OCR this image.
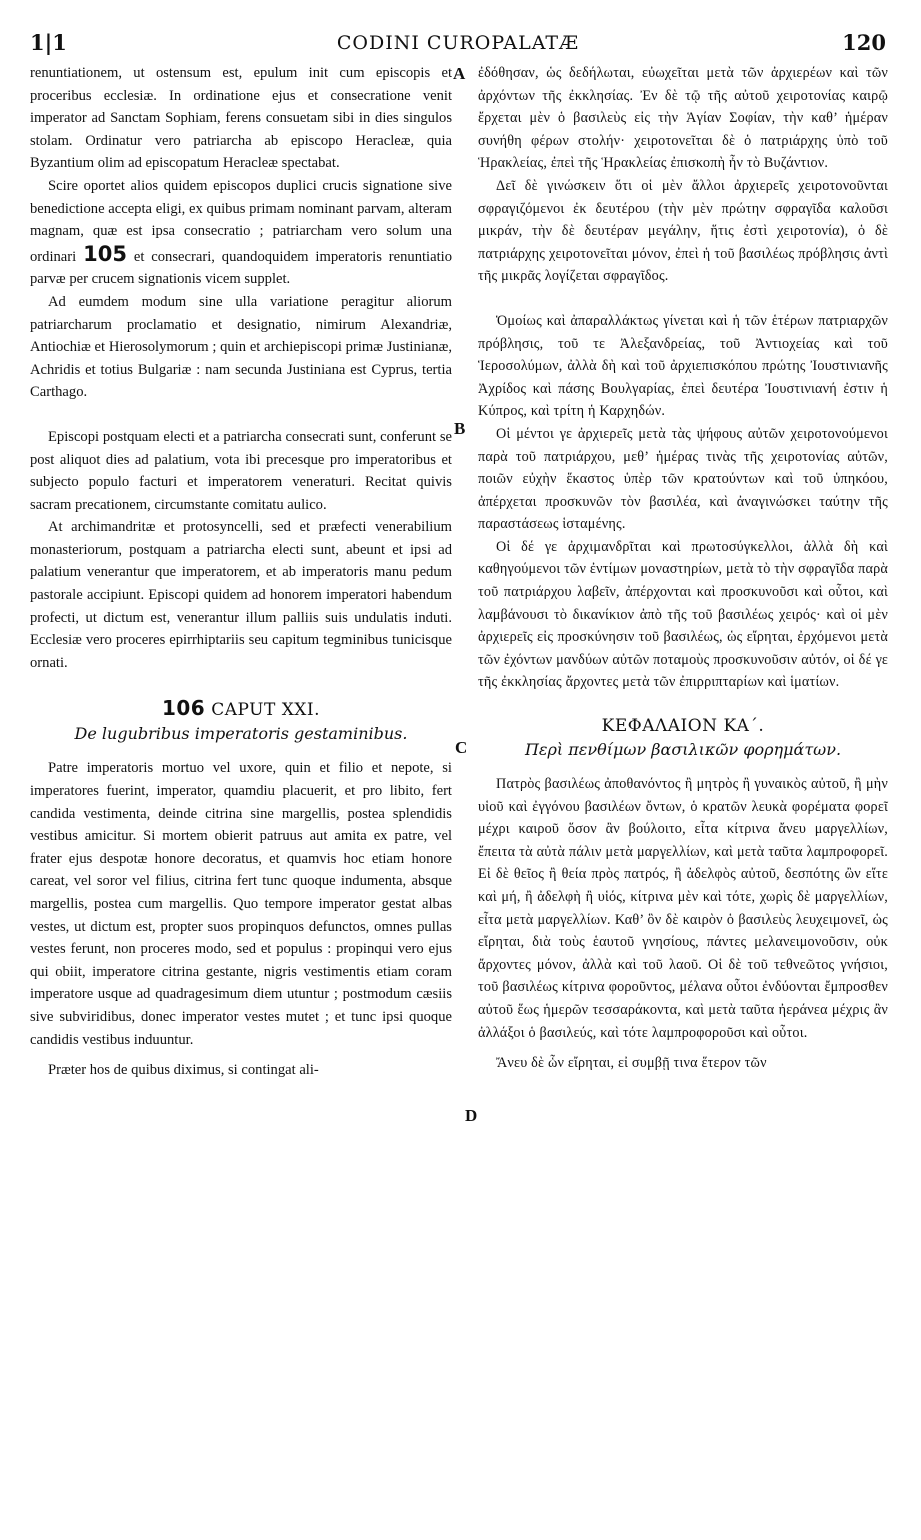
1|1	CODINI CUROPALATÆ	120
A
B
C
D

renuntiationem, ut ostensum est, epulum init cum episcopis et proceribus ecclesiæ. In ordinatione ejus et consecratione venit imperator ad Sanctam Sophiam, ferens consuetam sibi in dies singulos stolam. Ordinatur vero patriarcha ab episcopo Heracleæ, quia Byzantium olim ad episcopatum Heracleæ spectabat.

Scire oportet alios quidem episcopos duplici crucis signatione sive benedictione accepta eligi, ex quibus primam nominant parvam, alteram magnam, quæ est ipsa consecratio ; patriarcham vero solum una ordinari 105 et consecrari, quandoquidem imperatoris renuntiatio parvæ per crucem signationis vicem supplet.

Ad eumdem modum sine ulla variatione peragitur aliorum patriarcharum proclamatio et designatio, nimirum Alexandriæ, Antiochiæ et Hierosolymorum ; quin et archiepiscopi primæ Justinianæ, Achridis et totius Bulgariæ : nam secunda Justiniana est Cyprus, tertia Carthago.

Episcopi postquam electi et a patriarcha consecrati sunt, conferunt se post aliquot dies ad palatium, vota ibi precesque pro imperatoribus et subjecto populo facturi et imperatorem veneraturi. Recitat quivis sacram precationem, circumstante comitatu aulico.

At archimandritæ et protosyncelli, sed et præfecti venerabilium monasteriorum, postquam a patriarcha electi sunt, abeunt et ipsi ad palatium venerantur que imperatorem, et ab imperatoris manu pedum pastorale accipiunt. Episcopi quidem ad honorem imperatori habendum profecti, ut dictum est, venerantur illum palliis suis undulatis induti. Ecclesiæ vero proceres epirrhiptariis seu capitum tegminibus tunicisque ornati.

106 CAPUT XXI.
De lugubribus imperatoris gestaminibus.

Patre imperatoris mortuo vel uxore, quin et filio et nepote, si imperatores fuerint, imperator, quamdiu placuerit, et pro libito, fert candida vestimenta, deinde citrina sine margellis, postea splendidis vestibus amicitur. Si mortem obierit patruus aut amita ex patre, vel frater ejus despotæ honore decoratus, et quamvis hoc etiam honore careat, vel soror vel filius, citrina fert tunc quoque indumenta, absque margellis, postea cum margellis. Quo tempore imperator gestat albas vestes, ut dictum est, propter suos propinquos defunctos, omnes pullas vestes ferunt, non proceres modo, sed et populus : propinqui vero ejus qui obiit, imperatore citrina gestante, nigris vestimentis etiam coram imperatore usque ad quadragesimum diem utuntur ; postmodum cæsiis sive subviridibus, donec imperator vestes mutet ; et tunc ipsi quoque candidis vestibus induuntur.

Præter hos de quibus diximus, si contingat ali-

ἐδόθησαν, ὡς δεδήλωται, εὐωχεῖται μετὰ τῶν ἀρχιερέων καὶ τῶν ἀρχόντων τῆς ἐκκλησίας. Ἐν δὲ τῷ τῆς αὐτοῦ χειροτονίας καιρῷ ἔρχεται μὲν ὁ βασιλεὺς εἰς τὴν Ἁγίαν Σοφίαν, τὴν καθ’ ἡμέραν συνήθη φέρων στολήν· χειροτονεῖται δὲ ὁ πατριάρχης ὑπὸ τοῦ Ἡρακλείας, ἐπεὶ τῆς Ἡρακλείας ἐπισκοπὴ ἦν τὸ Βυζάντιον.

Δεῖ δὲ γινώσκειν ὅτι οἱ μὲν ἄλλοι ἀρχιερεῖς χειροτονοῦνται σφραγιζόμενοι ἐκ δευτέρου (τὴν μὲν πρώτην σφραγῖδα καλοῦσι μικράν, τὴν δὲ δευτέραν μεγάλην, ἥτις ἐστὶ χειροτονία), ὁ δὲ πατριάρχης χειροτονεῖται μόνον, ἐπεὶ ἡ τοῦ βασιλέως πρόβλησις ἀντὶ τῆς μικρᾶς λογίζεται σφραγῖδος.

Ὁμοίως καὶ ἀπαραλλάκτως γίνεται καὶ ἡ τῶν ἑτέρων πατριαρχῶν πρόβλησις, τοῦ τε Ἀλεξανδρείας, τοῦ Ἀντιοχείας καὶ τοῦ Ἱεροσολύμων, ἀλλὰ δὴ καὶ τοῦ ἀρχιεπισκόπου πρώτης Ἰουστινιανῆς Ἀχρίδος καὶ πάσης Βουλγαρίας, ἐπεὶ δευτέρα Ἰουστινιανή ἐστιν ἡ Κύπρος, καὶ τρίτη ἡ Καρχηδών.

Οἱ μέντοι γε ἀρχιερεῖς μετὰ τὰς ψήφους αὐτῶν χειροτονούμενοι παρὰ τοῦ πατριάρχου, μεθ’ ἡμέρας τινὰς τῆς χειροτονίας αὐτῶν, ποιῶν εὐχὴν ἕκαστος ὑπὲρ τῶν κρατούντων καὶ τοῦ ὑπηκόου, ἀπέρχεται προσκυνῶν τὸν βασιλέα, καὶ ἀναγινώσκει ταύτην τῆς παραστάσεως ἱσταμένης.

Οἱ δέ γε ἀρχιμανδρῖται καὶ πρωτοσύγκελλοι, ἀλλὰ δὴ καὶ καθηγούμενοι τῶν ἐντίμων μοναστηρίων, μετὰ τὸ τὴν σφραγῖδα παρὰ τοῦ πατριάρχου λαβεῖν, ἀπέρχονται καὶ προσκυνοῦσι καὶ οὗτοι, καὶ λαμβάνουσι τὸ δικανίκιον ἀπὸ τῆς τοῦ βασιλέως χειρός· καὶ οἱ μὲν ἀρχιερεῖς εἰς προσκύνησιν τοῦ βασιλέως, ὡς εἴρηται, ἐρχόμενοι μετὰ τῶν ἐχόντων μανδύων αὐτῶν ποταμοὺς προσκυνοῦσιν αὐτόν, οἱ δέ γε τῆς ἐκκλησίας ἄρχοντες μετὰ τῶν ἐπιρριπταρίων καὶ ἱματίων.

ΚΕΦΑΛΑΙΟΝ ΚΑ΄.
Περὶ πενθίμων βασιλικῶν φορημάτων.

Πατρὸς βασιλέως ἀποθανόντος ἢ μητρὸς ἢ γυναικὸς αὐτοῦ, ἢ μὴν υἱοῦ καὶ ἐγγόνου βασιλέων ὄντων, ὁ κρατῶν λευκὰ φορέματα φορεῖ μέχρι καιροῦ ὅσον ἂν βούλοιτο, εἶτα κίτρινα ἄνευ μαργελλίων, ἔπειτα τὰ αὐτὰ πάλιν μετὰ μαργελλίων, καὶ μετὰ ταῦτα λαμπροφορεῖ. Εἰ δὲ θεῖος ἢ θεία πρὸς πατρός, ἢ ἀδελφὸς αὐτοῦ, δεσπότης ὢν εἴτε καὶ μή, ἢ ἀδελφὴ ἢ υἱός, κίτρινα μὲν καὶ τότε, χωρὶς δὲ μαργελλίων, εἶτα μετὰ μαργελλίων. Καθ’ ὃν δὲ καιρὸν ὁ βασιλεὺς λευχειμονεῖ, ὡς εἴρηται, διὰ τοὺς ἑαυτοῦ γνησίους, πάντες μελανειμονοῦσιν, οὐκ ἄρχοντες μόνον, ἀλλὰ καὶ τοῦ λαοῦ. Οἱ δὲ τοῦ τεθνεῶτος γνήσιοι, τοῦ βασιλέως κίτρινα φοροῦντος, μέλανα οὗτοι ἐνδύονται ἔμπροσθεν αὐτοῦ ἕως ἡμερῶν τεσσαράκοντα, καὶ μετὰ ταῦτα ἠεράνεα μέχρις ἂν ἀλλάξοι ὁ βασιλεύς, καὶ τότε λαμπροφοροῦσι καὶ οὗτοι.

Ἄνευ δὲ ὧν εἴρηται, εἰ συμβῇ τινα ἕτερον τῶν
